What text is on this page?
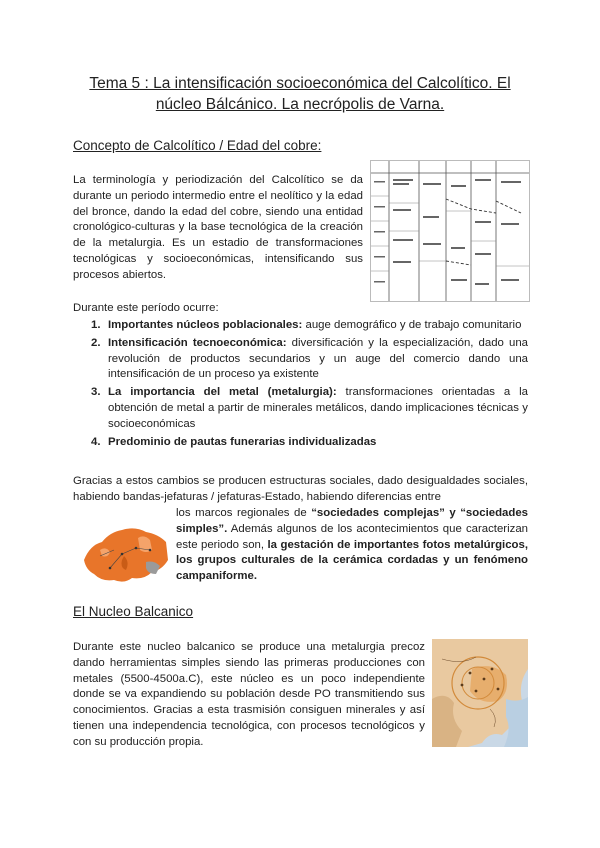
Tema 5 : La intensificación socioeconómica del Calcolítico. El
núcleo Bálcánico. La necrópolis de Varna.
Concepto de Calcolítico / Edad del cobre:
La terminología y periodización del Calcolítico se da durante un periodo intermedio entre el neolítico y la edad del bronce, dando la edad del cobre, siendo una entidad cronológico-culturas y la base tecnológica de la creación de la metalurgia. Es un estadio de transformaciones tecnológicas y socioeconómicas, intensificando sus procesos abiertos.
Durante este período ocurre:
1. Importantes núcleos poblacionales: auge demográfico y de trabajo comunitario
2. Intensificación tecnoeconómica: diversificación y la especialización, dado una revolución de productos secundarios y un auge del comercio dando una intensificación de un proceso ya existente
3. La importancia del metal (metalurgia): transformaciones orientadas a la obtención de metal a partir de minerales metálicos, dando implicaciones técnicas y socioeconómicas
4. Predominio de pautas funerarias individualizadas
Gracias a estos cambios se producen estructuras sociales, dado desigualdades sociales, habiendo bandas-jefaturas / jefaturas-Estado, habiendo diferencias entre
los marcos regionales de “sociedades complejas” y “sociedades simples”. Además algunos de los acontecimientos que caracterizan este periodo son, la gestación de importantes fotos metalúrgicos, los grupos culturales de la cerámica cordadas y un fenómeno campaniforme.
El Nucleo Balcanico
Durante este nucleo balcanico se produce una metalurgia precoz dando herramientas simples siendo las primeras producciones con metales (5500-4500a.C), este núcleo es un poco independiente donde se va expandiendo su población desde PO transmitiendo sus conocimientos. Gracias a esta trasmisión consiguen minerales y así tienen una independencia tecnológica, con procesos tecnológicos y con su producción propia.
